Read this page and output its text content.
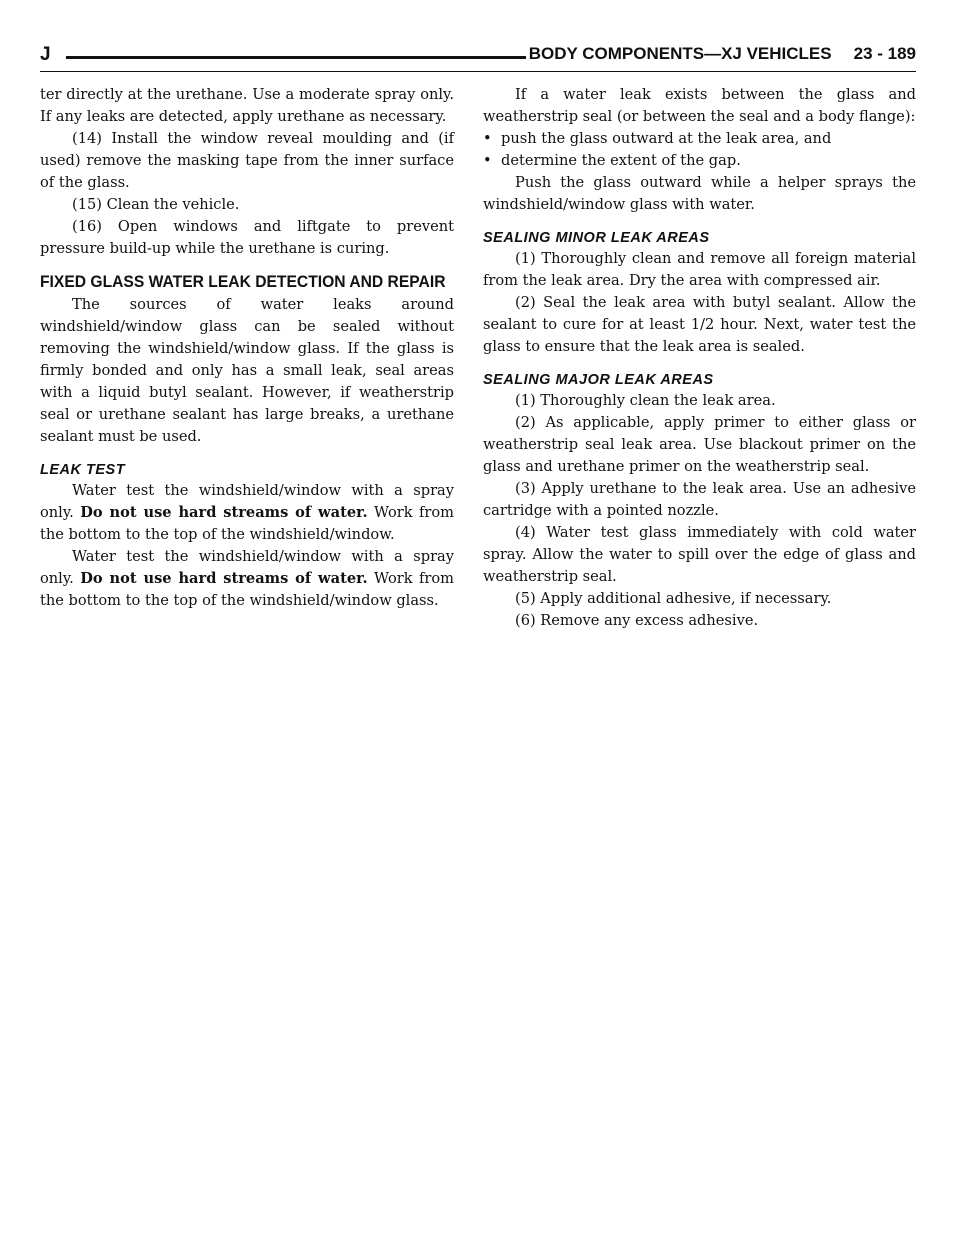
J	BODY COMPONENTS—XJ VEHICLES 23 - 189

ter directly at the urethane. Use a moderate spray only. If any leaks are detected, apply urethane as necessary.

(14) Install the window reveal moulding and (if used) remove the masking tape from the inner surface of the glass.

(15) Clean the vehicle.

(16) Open windows and liftgate to prevent pressure build-up while the urethane is curing.

FIXED GLASS WATER LEAK DETECTION AND REPAIR

The sources of water leaks around windshield/window glass can be sealed without removing the windshield/window glass. If the glass is firmly bonded and only has a small leak, seal areas with a liquid butyl sealant. However, if weatherstrip seal or urethane sealant has large breaks, a urethane sealant must be used.

LEAK TEST

Water test the windshield/window with a spray only. Do not use hard streams of water. Work from the bottom to the top of the windshield/window.

Water test the windshield/window with a spray only. Do not use hard streams of water. Work from the bottom to the top of the windshield/window glass.

If a water leak exists between the glass and weatherstrip seal (or between the seal and a body flange):

• push the glass outward at the leak area, and

• determine the extent of the gap.

Push the glass outward while a helper sprays the windshield/window glass with water.

SEALING MINOR LEAK AREAS

(1) Thoroughly clean and remove all foreign material from the leak area. Dry the area with compressed air.

(2) Seal the leak area with butyl sealant. Allow the sealant to cure for at least 1/2 hour. Next, water test the glass to ensure that the leak area is sealed.

SEALING MAJOR LEAK AREAS

(1) Thoroughly clean the leak area.

(2) As applicable, apply primer to either glass or weatherstrip seal leak area. Use blackout primer on the glass and urethane primer on the weatherstrip seal.

(3) Apply urethane to the leak area. Use an adhesive cartridge with a pointed nozzle.

(4) Water test glass immediately with cold water spray. Allow the water to spill over the edge of glass and weatherstrip seal.

(5) Apply additional adhesive, if necessary.

(6) Remove any excess adhesive.
